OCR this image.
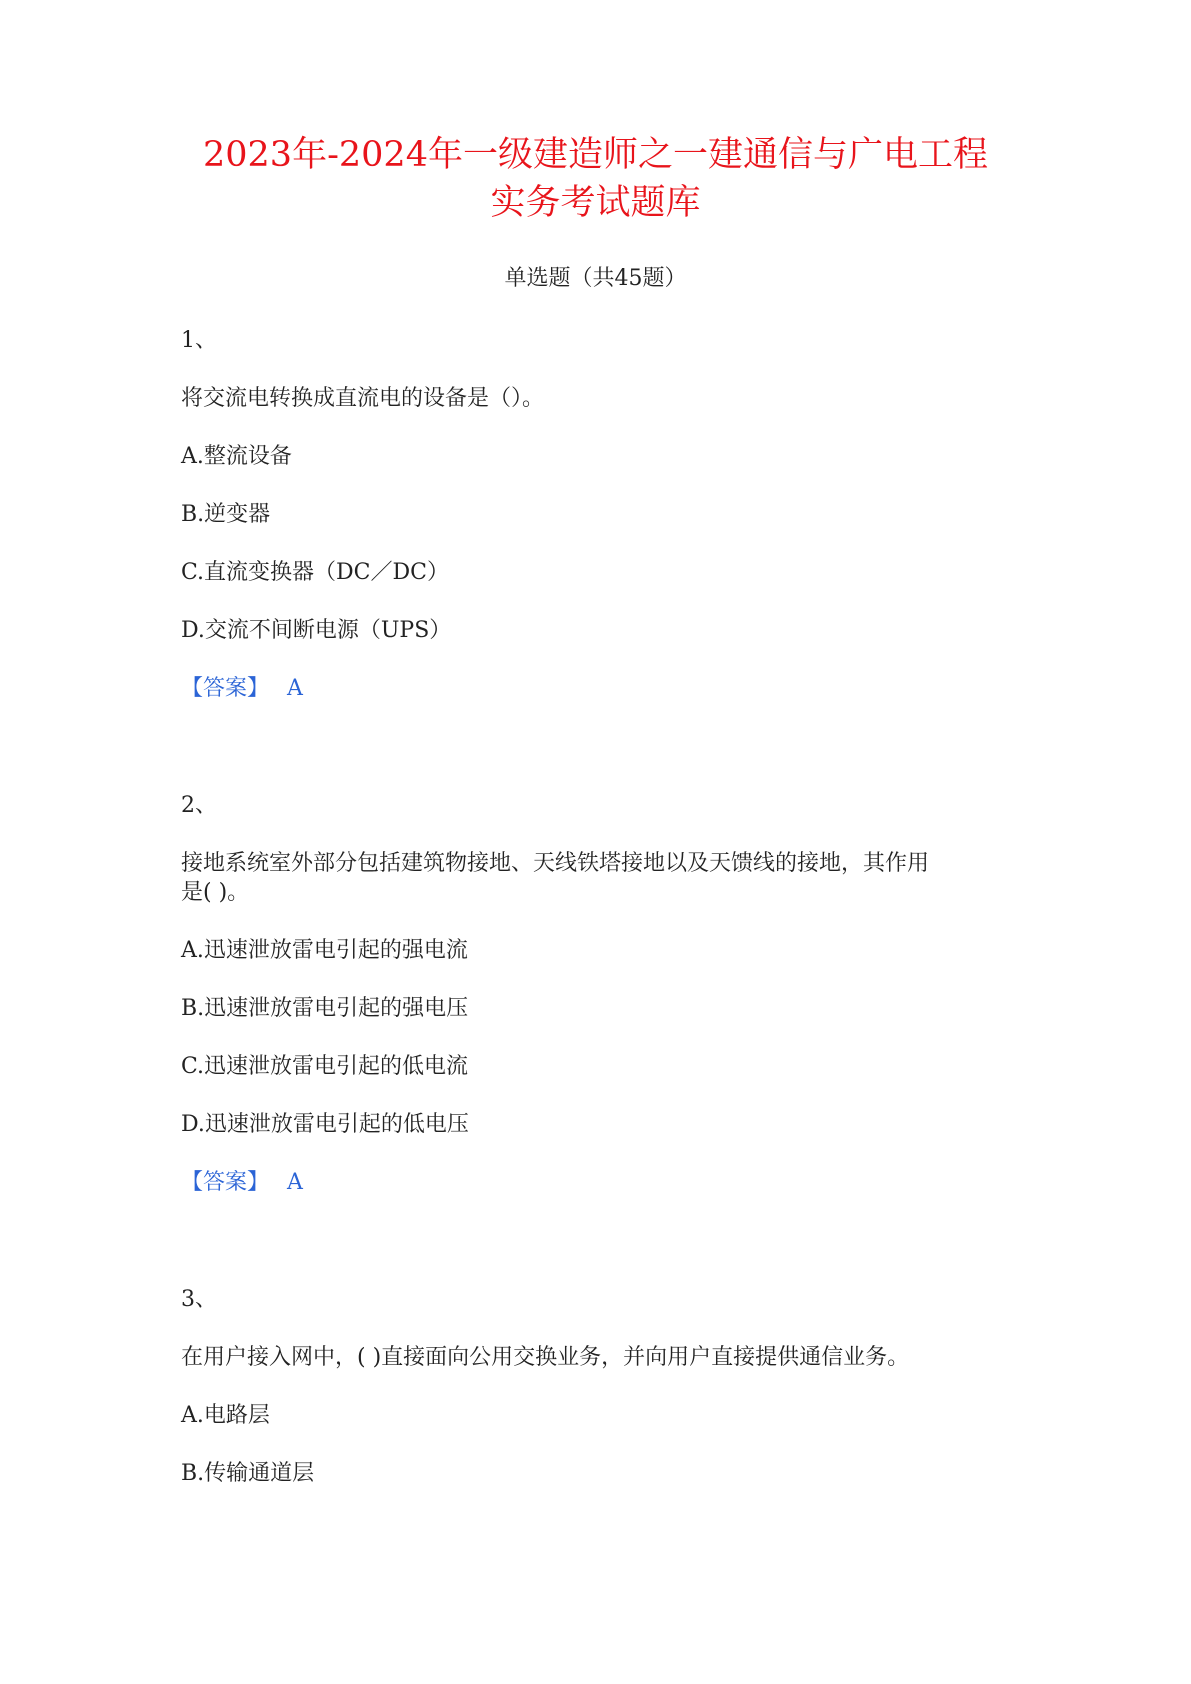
2023年-2024年一级建造师之一建通信与广电工程
实务考试题库
单选题（共45题）
1、
将交流电转换成直流电的设备是（）。
A.整流设备
B.逆变器
C.直流变换器（DC／DC）
D.交流不间断电源（UPS）
【答案】 A
2、
接地系统室外部分包括建筑物接地、天线铁塔接地以及天馈线的接地，其作用
是( )。
A.迅速泄放雷电引起的强电流
B.迅速泄放雷电引起的强电压
C.迅速泄放雷电引起的低电流
D.迅速泄放雷电引起的低电压
【答案】 A
3、
在用户接入网中，( )直接面向公用交换业务，并向用户直接提供通信业务。
A.电路层
B.传输通道层
